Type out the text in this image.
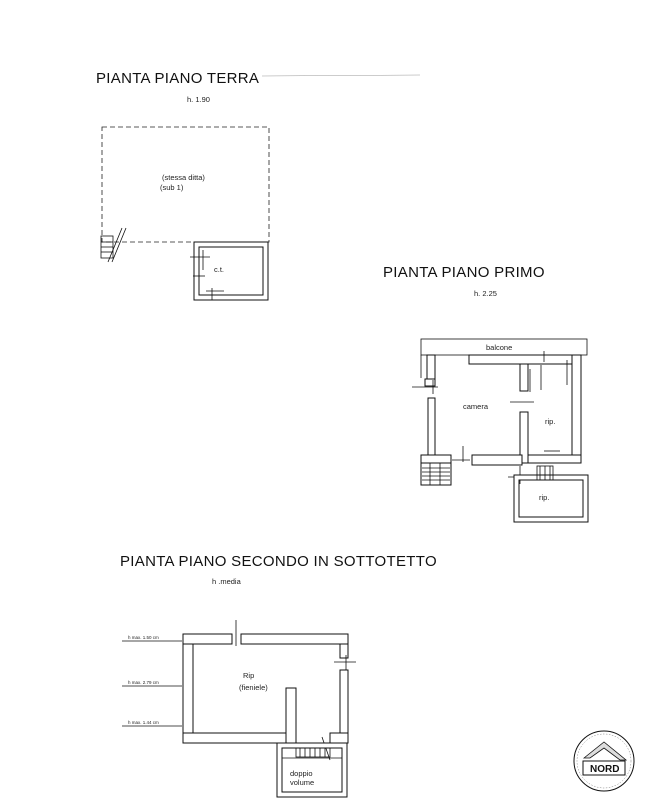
PIANTA PIANO TERRA
h. 1.90
(stessa ditta)
(sub 1)
c.t.	PIANTA PIANO PRIMO
h. 2.25
balcone
camera
rip.
rip.
PIANTA PIANO SECONDO IN SOTTOTETTO
h .media
h max. 1.50 cm
h max. 2.79 cm
h max. 1.44 cm
Rip
(fieniele)
doppio
volume
NORD
